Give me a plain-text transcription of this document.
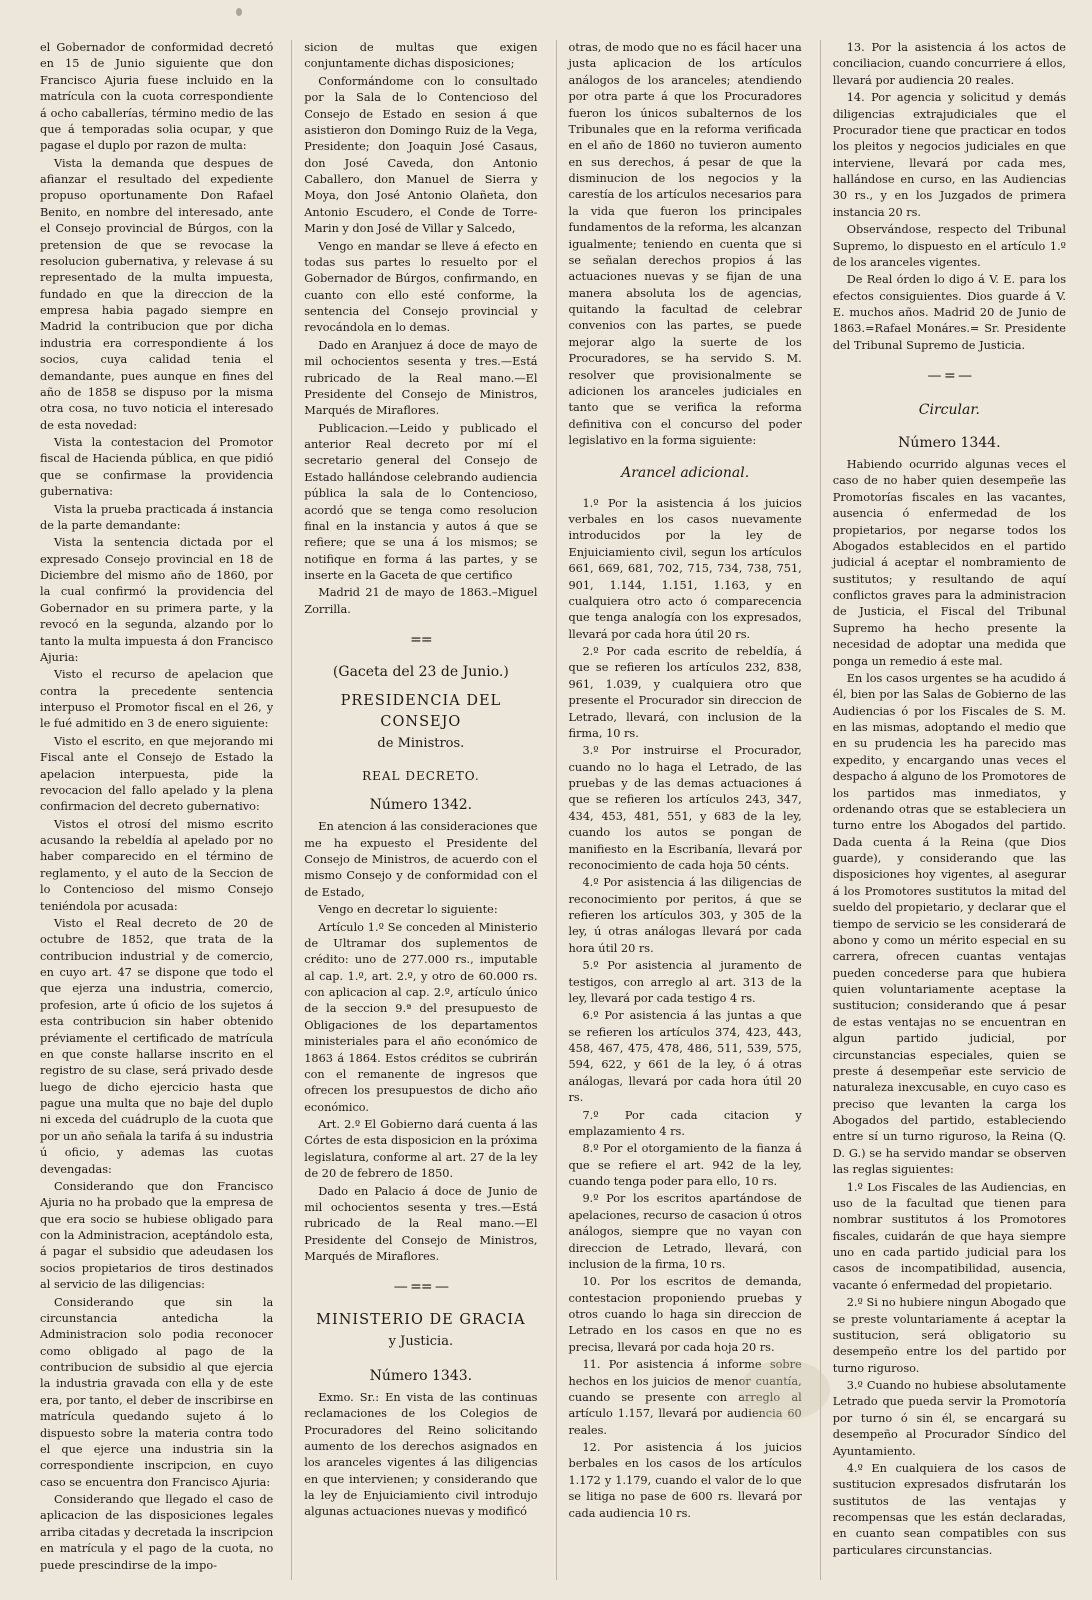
el Gobernador de conformidad decretó en 15 de Junio siguiente que don Francisco Ajuria fuese incluido en la matrícula con la cuota correspondiente á ocho caballerías, término medio de las que á temporadas solia ocupar, y que pagase el duplo por razon de multa:

Vista la demanda que despues de afianzar el resultado del expediente propuso oportunamente Don Rafael Benito, en nombre del interesado, ante el Consejo provincial de Búrgos, con la pretension de que se revocase la resolucion gubernativa, y relevase á su representado de la multa impuesta, fundado en que la direccion de la empresa habia pagado siempre en Madrid la contribucion que por dicha industria era correspondiente á los socios, cuya calidad tenia el demandante, pues aunque en fines del año de 1858 se dispuso por la misma otra cosa, no tuvo noticia el interesado de esta novedad:

Vista la contestacion del Promotor fiscal de Hacienda pública, en que pidió que se confirmase la providencia gubernativa:

Vista la prueba practicada á instancia de la parte demandante:

Vista la sentencia dictada por el expresado Consejo provincial en 18 de Diciembre del mismo año de 1860, por la cual confirmó la providencia del Gobernador en su primera parte, y la revocó en la segunda, alzando por lo tanto la multa impuesta á don Francisco Ajuria:

Visto el recurso de apelacion que contra la precedente sentencia interpuso el Promotor fiscal en el 26, y le fué admitido en 3 de enero siguiente:

Visto el escrito, en que mejorando mi Fiscal ante el Consejo de Estado la apelacion interpuesta, pide la revocacion del fallo apelado y la plena confirmacion del decreto gubernativo:

Vistos el otrosí del mismo escrito acusando la rebeldía al apelado por no haber comparecido en el término de reglamento, y el auto de la Seccion de lo Contencioso del mismo Consejo teniéndola por acusada:

Visto el Real decreto de 20 de octubre de 1852, que trata de la contribucion industrial y de comercio, en cuyo art. 47 se dispone que todo el que ejerza una industria, comercio, profesion, arte ú oficio de los sujetos á esta contribucion sin haber obtenido préviamente el certificado de matrícula en que conste hallarse inscrito en el registro de su clase, será privado desde luego de dicho ejercicio hasta que pague una multa que no baje del duplo ni exceda del cuádruplo de la cuota que por un año señala la tarifa á su industria ú oficio, y ademas las cuotas devengadas:

Considerando que don Francisco Ajuria no ha probado que la empresa de que era socio se hubiese obligado para con la Administracion, aceptándolo esta, á pagar el subsidio que adeudasen los socios propietarios de tiros destinados al servicio de las diligencias:

Considerando que sin la circunstancia antedicha la Administracion solo podia reconocer como obligado al pago de la contribucion de subsidio al que ejercia la industria gravada con ella y de este era, por tanto, el deber de inscribirse en matrícula quedando sujeto á lo dispuesto sobre la materia contra todo el que ejerce una industria sin la correspondiente inscripcion, en cuyo caso se encuentra don Francisco Ajuria:

Considerando que llegado el caso de aplicacion de las disposiciones legales arriba citadas y decretada la inscripcion en matrícula y el pago de la cuota, no puede prescindirse de la impo-

sicion de multas que exigen conjuntamente dichas disposiciones;

Conformándome con lo consultado por la Sala de lo Contencioso del Consejo de Estado en sesion á que asistieron don Domingo Ruiz de la Vega, Presidente; don Joaquin José Casaus, don José Caveda, don Antonio Caballero, don Manuel de Sierra y Moya, don José Antonio Olañeta, don Antonio Escudero, el Conde de Torre-Marin y don José de Villar y Salcedo,

Vengo en mandar se lleve á efecto en todas sus partes lo resuelto por el Gobernador de Búrgos, confirmando, en cuanto con ello esté conforme, la sentencia del Consejo provincial y revocándola en lo demas.

Dado en Aranjuez á doce de mayo de mil ochocientos sesenta y tres.—Está rubricado de la Real mano.—El Presidente del Consejo de Ministros, Marqués de Miraflores.

Publicacion.—Leido y publicado el anterior Real decreto por mí el secretario general del Consejo de Estado hallándose celebrando audiencia pública la sala de lo Contencioso, acordó que se tenga como resolucion final en la instancia y autos á que se refiere; que se una á los mismos; se notifique en forma á las partes, y se inserte en la Gaceta de que certifico

Madrid 21 de mayo de 1863.–Miguel Zorrilla.

==
(Gaceta del 23 de Junio.)
PRESIDENCIA DEL CONSEJO
de Ministros.
REAL DECRETO.
Número 1342.

En atencion á las consideraciones que me ha expuesto el Presidente del Consejo de Ministros, de acuerdo con el mismo Consejo y de conformidad con el de Estado,

Vengo en decretar lo siguiente:

Artículo 1.º Se conceden al Ministerio de Ultramar dos suplementos de crédito: uno de 277.000 rs., imputable al cap. 1.º, art. 2.º, y otro de 60.000 rs. con aplicacion al cap. 2.º, artículo único de la seccion 9.ª del presupuesto de Obligaciones de los departamentos ministeriales para el año económico de 1863 á 1864. Estos créditos se cubrirán con el remanente de ingresos que ofrecen los presupuestos de dicho año económico.

Art. 2.º El Gobierno dará cuenta á las Córtes de esta disposicion en la próxima legislatura, conforme al art. 27 de la ley de 20 de febrero de 1850.

Dado en Palacio á doce de Junio de mil ochocientos sesenta y tres.—Está rubricado de la Real mano.—El Presidente del Consejo de Ministros, Marqués de Miraflores.

— == —
MINISTERIO DE GRACIA
y Justicia.
Número 1343.

Exmo. Sr.: En vista de las continuas reclamaciones de los Colegios de Procuradores del Reino solicitando aumento de los derechos asignados en los aranceles vigentes á las diligencias en que intervienen; y considerando que la ley de Enjuiciamiento civil introdujo algunas actuaciones nuevas y modificó

otras, de modo que no es fácil hacer una justa aplicacion de los artículos análogos de los aranceles; atendiendo por otra parte á que los Procuradores fueron los únicos subalternos de los Tribunales que en la reforma verificada en el año de 1860 no tuvieron aumento en sus derechos, á pesar de que la disminucion de los negocios y la carestía de los artículos necesarios para la vida que fueron los principales fundamentos de la reforma, les alcanzan igualmente; teniendo en cuenta que si se señalan derechos propios á las actuaciones nuevas y se fijan de una manera absoluta los de agencias, quitando la facultad de celebrar convenios con las partes, se puede mejorar algo la suerte de los Procuradores, se ha servido S. M. resolver que provisionalmente se adicionen los aranceles judiciales en tanto que se verifica la reforma definitiva con el concurso del poder legislativo en la forma siguiente:

Arancel adicional.

1.º Por la asistencia á los juicios verbales en los casos nuevamente introducidos por la ley de Enjuiciamiento civil, segun los artículos 661, 669, 681, 702, 715, 734, 738, 751, 901, 1.144, 1.151, 1.163, y en cualquiera otro acto ó comparecencia que tenga analogía con los expresados, llevará por cada hora útil 20 rs.

2.º Por cada escrito de rebeldía, á que se refieren los artículos 232, 838, 961, 1.039, y cualquiera otro que presente el Procurador sin direccion de Letrado, llevará, con inclusion de la firma, 10 rs.

3.º Por instruirse el Procurador, cuando no lo haga el Letrado, de las pruebas y de las demas actuaciones á que se refieren los artículos 243, 347, 434, 453, 481, 551, y 683 de la ley, cuando los autos se pongan de manifiesto en la Escribanía, llevará por reconocimiento de cada hoja 50 cénts.

4.º Por asistencia á las diligencias de reconocimiento por peritos, á que se refieren los artículos 303, y 305 de la ley, ú otras análogas llevará por cada hora útil 20 rs.

5.º Por asistencia al juramento de testigos, con arreglo al art. 313 de la ley, llevará por cada testigo 4 rs.

6.º Por asistencia á las juntas a que se refieren los artículos 374, 423, 443, 458, 467, 475, 478, 486, 511, 539, 575, 594, 622, y 661 de la ley, ó á otras análogas, llevará por cada hora útil 20 rs.

7.º Por cada citacion y emplazamiento 4 rs.

8.º Por el otorgamiento de la fianza á que se refiere el art. 942 de la ley, cuando tenga poder para ello, 10 rs.

9.º Por los escritos apartándose de apelaciones, recurso de casacion ú otros análogos, siempre que no vayan con direccion de Letrado, llevará, con inclusion de la firma, 10 rs.

10. Por los escritos de demanda, contestacion proponiendo pruebas y otros cuando lo haga sin direccion de Letrado en los casos en que no es precisa, llevará por cada hoja 20 rs.

11. Por asistencia á informe sobre hechos en los juicios de menor cuantía, cuando se presente con arreglo al artículo 1.157, llevará por audiencia 60 reales.

12. Por asistencia á los juicios berbales en los casos de los artículos 1.172 y 1.179, cuando el valor de lo que se litiga no pase de 600 rs. llevará por cada audiencia 10 rs.

13. Por la asistencia á los actos de conciliacion, cuando concurriere á ellos, llevará por audiencia 20 reales.

14. Por agencia y solicitud y demás diligencias extrajudiciales que el Procurador tiene que practicar en todos los pleitos y negocios judiciales en que interviene, llevará por cada mes, hallándose en curso, en las Audiencias 30 rs., y en los Juzgados de primera instancia 20 rs.

Observándose, respecto del Tribunal Supremo, lo dispuesto en el artículo 1.º de los aranceles vigentes.

De Real órden lo digo á V. E. para los efectos consiguientes. Dios guarde á V. E. muchos años. Madrid 20 de Junio de 1863.=Rafael Monáres.= Sr. Presidente del Tribunal Supremo de Justicia.

— = —
Circular.
Número 1344.

Habiendo ocurrido algunas veces el caso de no haber quien desempeñe las Promotorías fiscales en las vacantes, ausencia ó enfermedad de los propietarios, por negarse todos los Abogados establecidos en el partido judicial á aceptar el nombramiento de sustitutos; y resultando de aquí conflictos graves para la administracion de Justicia, el Fiscal del Tribunal Supremo ha hecho presente la necesidad de adoptar una medida que ponga un remedio á este mal.

En los casos urgentes se ha acudido á él, bien por las Salas de Gobierno de las Audiencias ó por los Fiscales de S. M. en las mismas, adoptando el medio que en su prudencia les ha parecido mas expedito, y encargando unas veces el despacho á alguno de los Promotores de los partidos mas inmediatos, y ordenando otras que se estableciera un turno entre los Abogados del partido. Dada cuenta á la Reina (que Dios guarde), y considerando que las disposiciones hoy vigentes, al asegurar á los Promotores sustitutos la mitad del sueldo del propietario, y declarar que el tiempo de servicio se les considerará de abono y como un mérito especial en su carrera, ofrecen cuantas ventajas pueden concederse para que hubiera quien voluntariamente aceptase la sustitucion; considerando que á pesar de estas ventajas no se encuentran en algun partido judicial, por circunstancias especiales, quien se preste á desempeñar este servicio de naturaleza inexcusable, en cuyo caso es preciso que levanten la carga los Abogados del partido, estableciendo entre sí un turno riguroso, la Reina (Q. D. G.) se ha servido mandar se observen las reglas siguientes:

1.º Los Fiscales de las Audiencias, en uso de la facultad que tienen para nombrar sustitutos á los Promotores fiscales, cuidarán de que haya siempre uno en cada partido judicial para los casos de incompatibilidad, ausencia, vacante ó enfermedad del propietario.

2.º Si no hubiere ningun Abogado que se preste voluntariamente á aceptar la sustitucion, será obligatorio su desempeño entre los del partido por turno riguroso.

3.º Cuando no hubiese absolutamente Letrado que pueda servir la Promotoría por turno ó sin él, se encargará su desempeño al Procurador Síndico del Ayuntamiento.

4.º En cualquiera de los casos de sustitucion expresados disfrutarán los sustitutos de las ventajas y recompensas que les están declaradas, en cuanto sean compatibles con sus particulares circunstancias.
